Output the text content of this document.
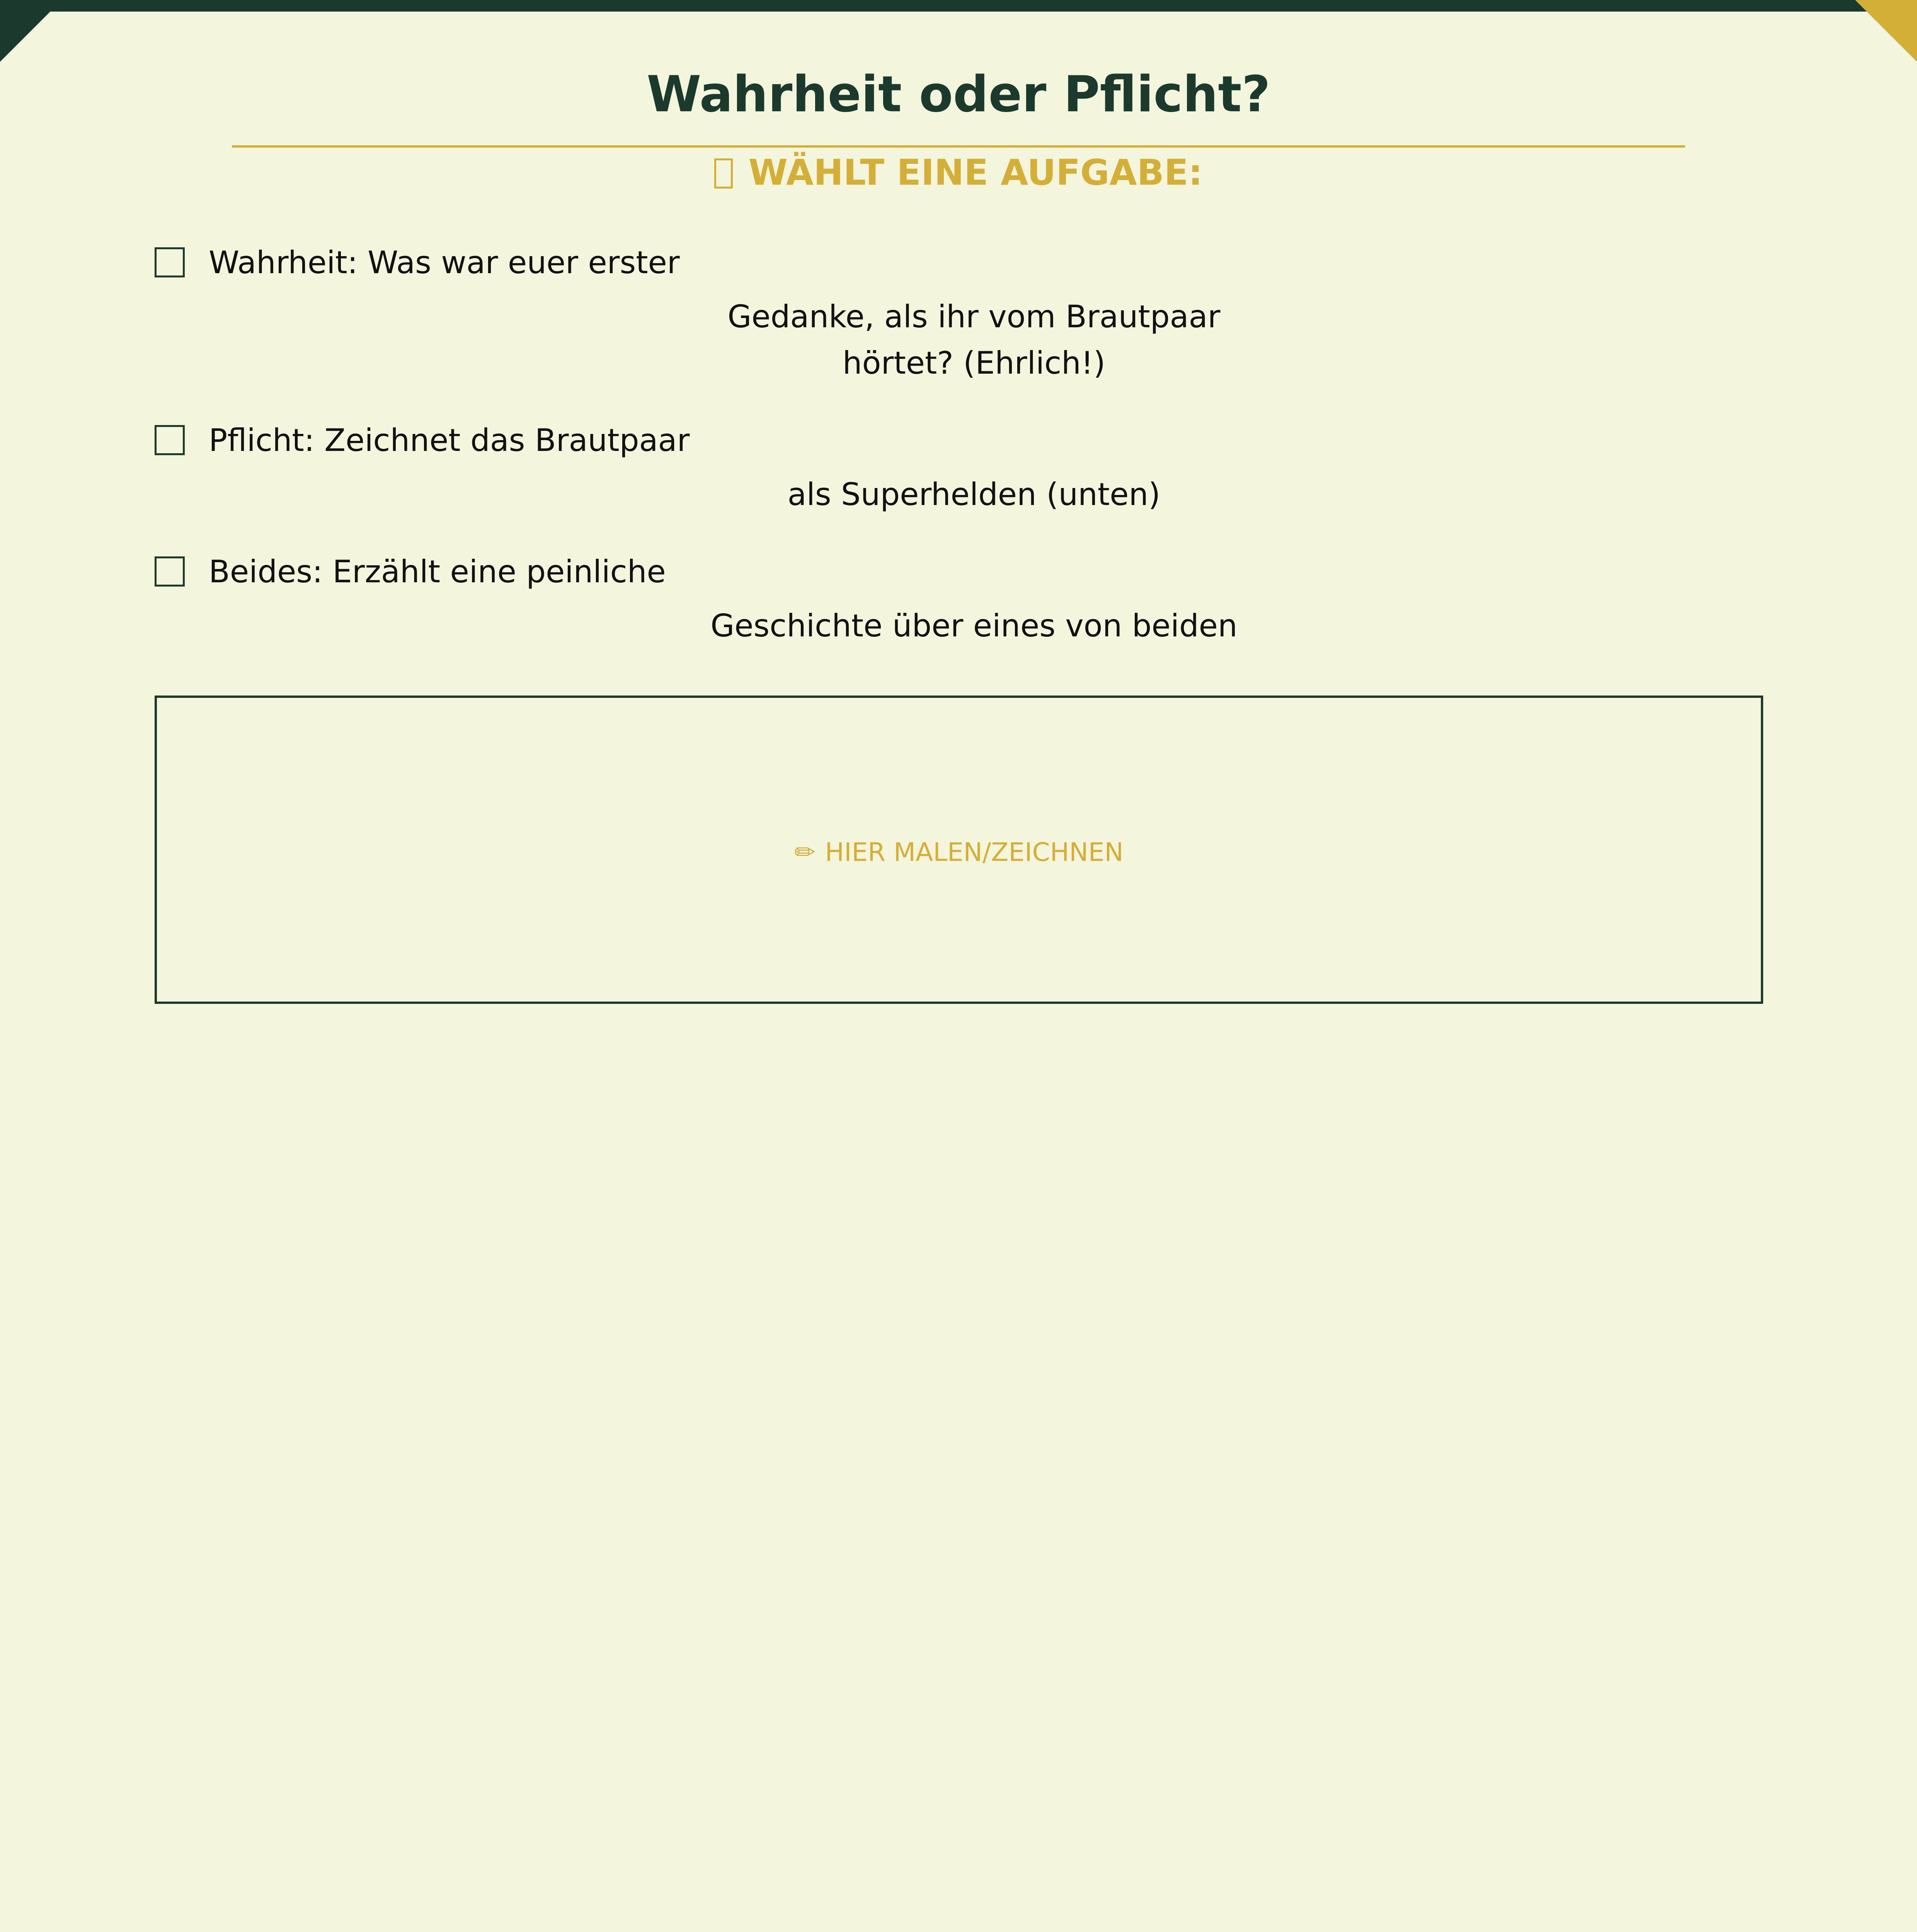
Wahrheit oder Pflicht?
WÄHLT EINE AUFGABE:
Wahrheit: Was war euer erster
Gedanke, als ihr vom Brautpaar
hörtet? (Ehrlich!)
Pflicht: Zeichnet das Brautpaar
als Superhelden (unten)
Beides: Erzählt eine peinliche
Geschichte über eines von beiden
✏ HIER MALEN/ZEICHNEN
